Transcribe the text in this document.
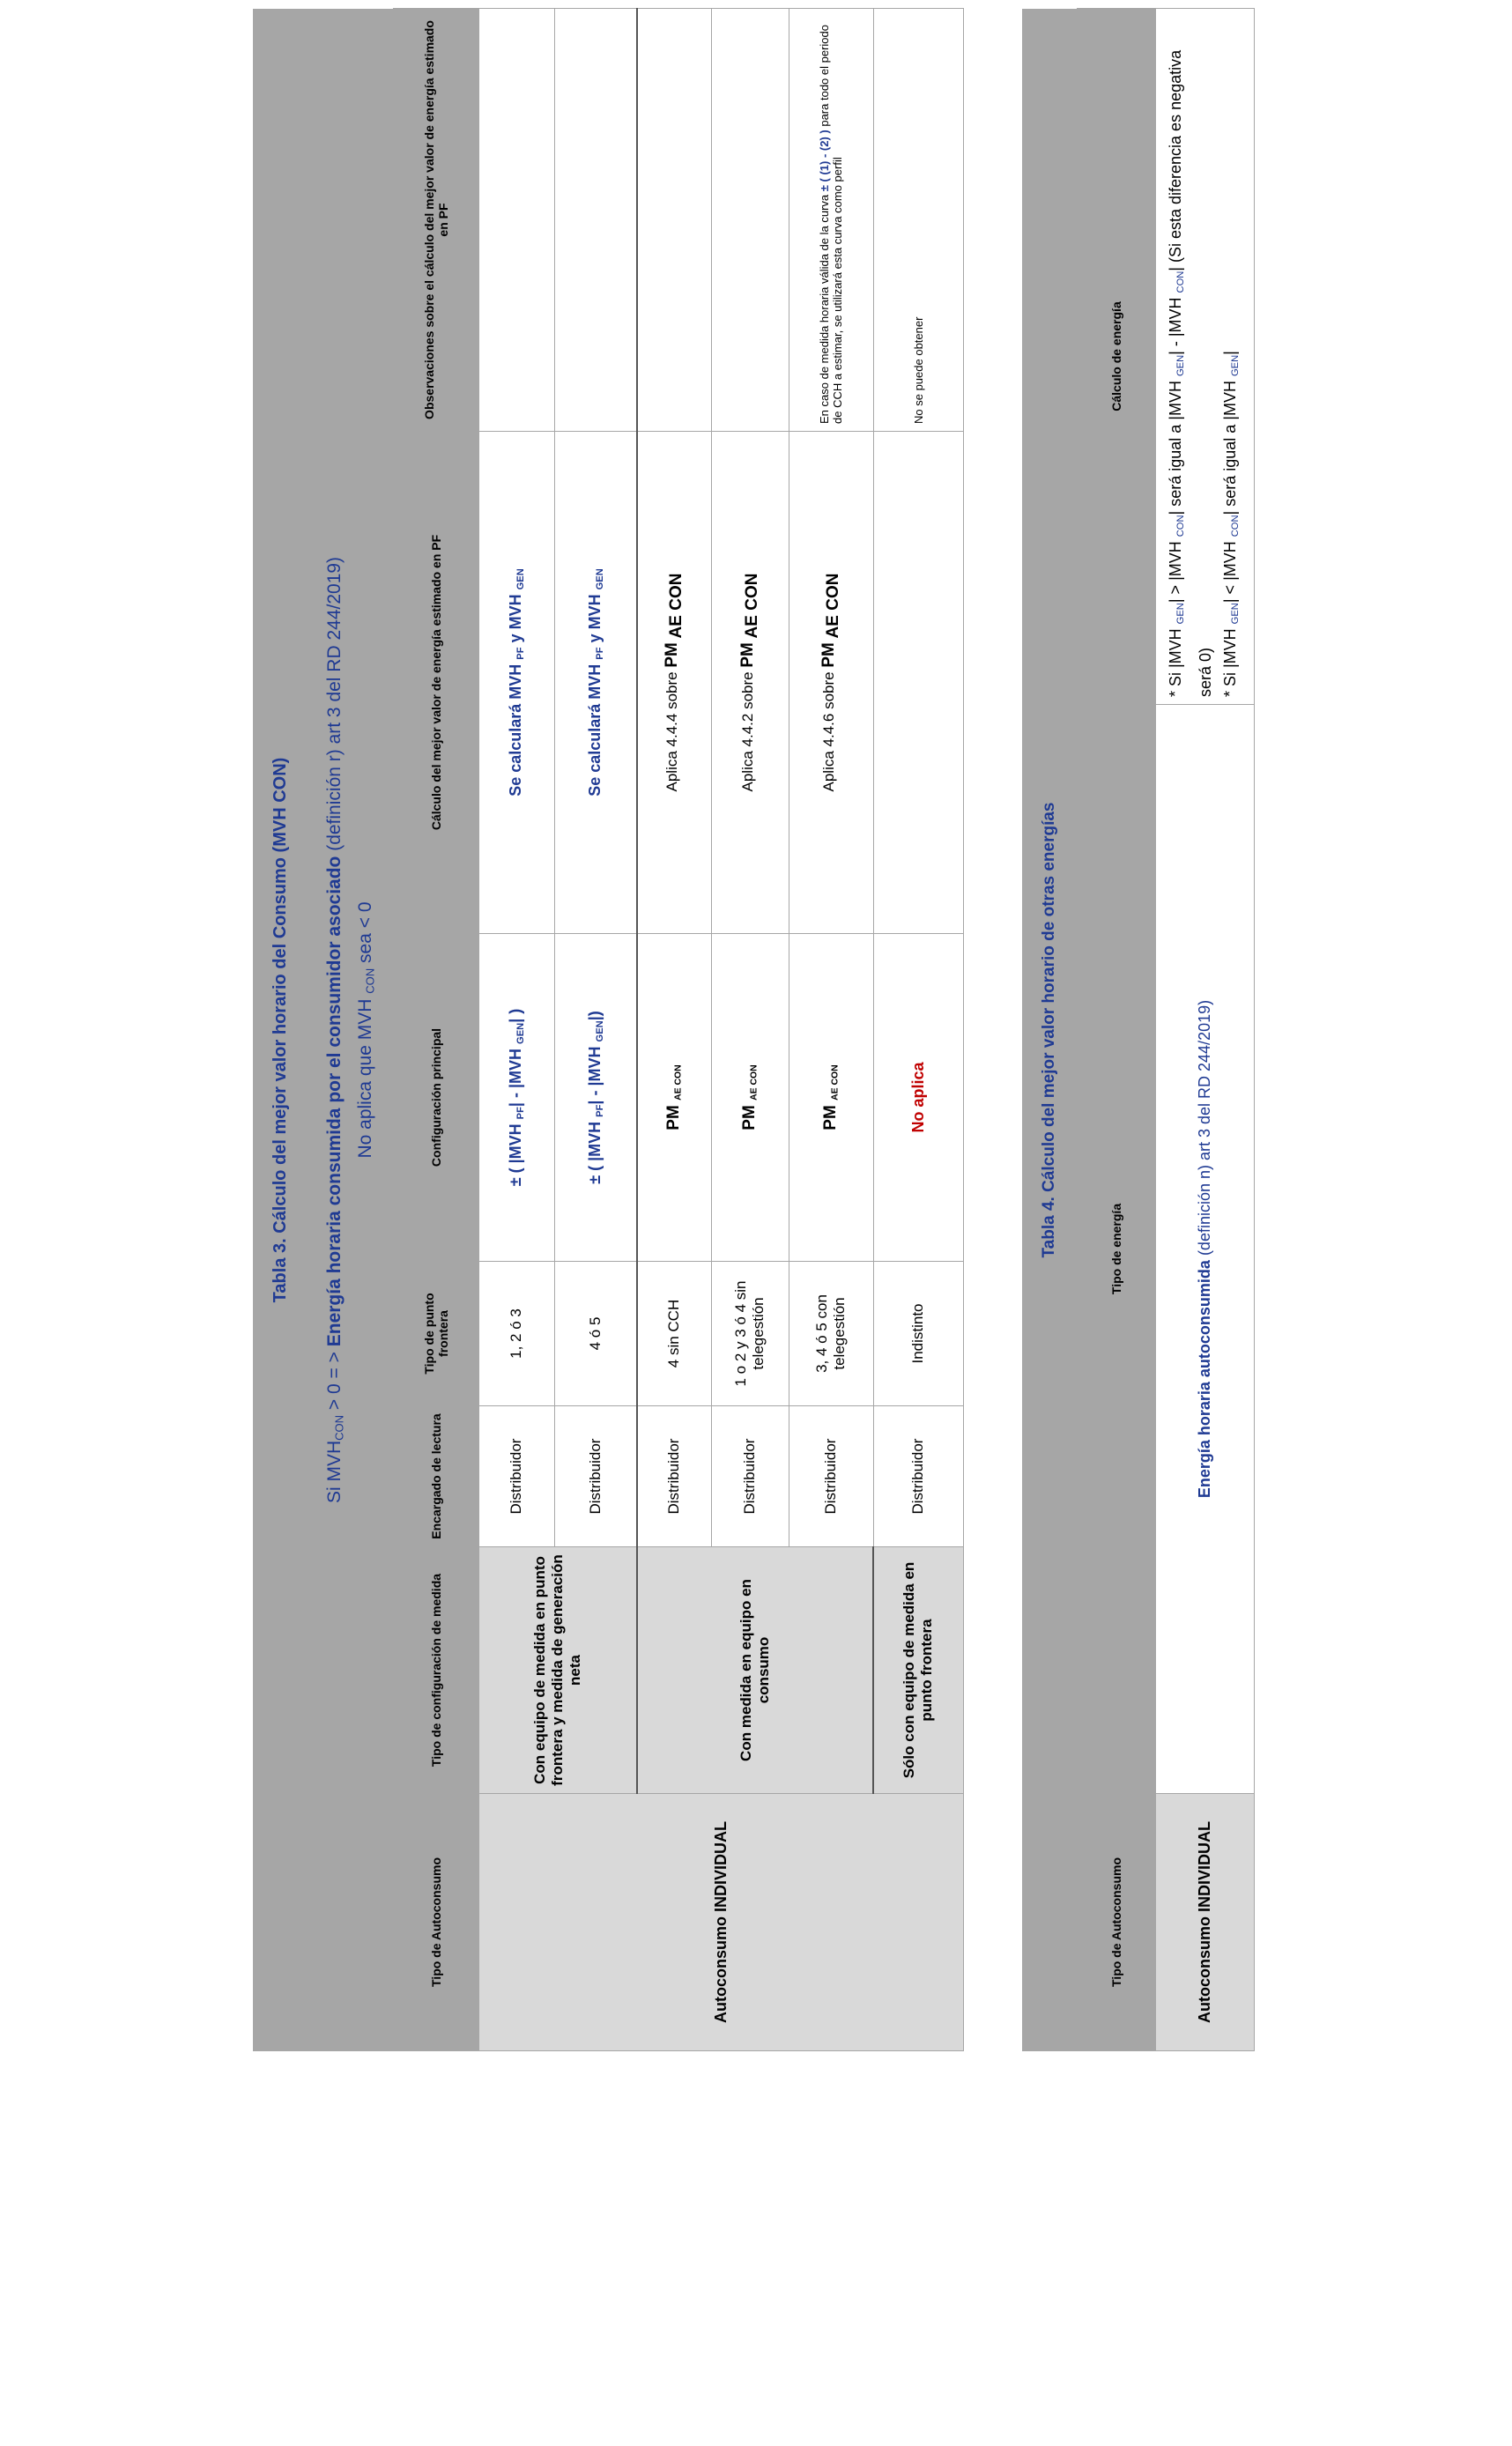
Tabla 3. Cálculo del mejor valor horario del Consumo (MVH CON)
Si $MVH_{CON} > 0$ = > Energía horaria consumida por el consumidor asociado (definición r) art 3 del RD 244/2019)
No aplica que MVH $_{CON}$ sea < 0
Tipo de Autoconsumo	Tipo de configuración de medida	Encargado de lectura	Tipo de punto frontera	Configuración principal	Cálculo del mejor valor de energía estimado en PF	Observaciones sobre el cálculo del mejor valor de energía estimado en PF
Autoconsumo INDIVIDUAL	Con equipo de medida en punto frontera y medida de generación neta	Distribuidor	1, 2 ó 3	± ( |MVH $_{PF}$| - |MVH $_{GEN}$| )	Se calculará MVH $_{PF}$ y MVH $_{GEN}$	
		Distribuidor	4 ó 5	± ( |MVH $_{PF}$| - |MVH $_{GEN}$|)	Se calculará MVH $_{PF}$ y MVH $_{GEN}$	
	Con medida en equipo en consumo	Distribuidor	4 sin CCH	PM $_{AE CON}$	Aplica 4.4.4 sobre PM $_{AE CON}$	
		Distribuidor	1 o 2 y 3 ó 4 sin telegestión	PM $_{AE CON}$	Aplica 4.4.2 sobre PM $_{AE CON}$	
		Distribuidor	3, 4 ó 5 con telegestión	PM $_{AE CON}$	Aplica 4.4.6 sobre PM $_{AE CON}$	En caso de medida horaria válida de la curva ± ( (1) - (2) ) para todo el periodo de CCH a estimar, se utilizará esta curva como perfil
	Sólo con equipo de medida en punto frontera	Distribuidor	Indistinto	No aplica		No se puede obtener
Tabla 4. Cálculo del mejor valor horario de otras energías
Tipo de Autoconsumo	Tipo de energía	Cálculo de energía
Autoconsumo INDIVIDUAL	Energía horaria autoconsumida (definición n) art 3 del RD 244/2019)	* Si |MVH $_{GEN}$| > |MVH $_{CON}$| será igual a |MVH $_{GEN}$| - |MVH $_{CON}$| (Si esta diferencia es negativa será 0) * Si |MVH $_{GEN}$| < |MVH $_{CON}$| será igual a |MVH $_{GEN}$|
